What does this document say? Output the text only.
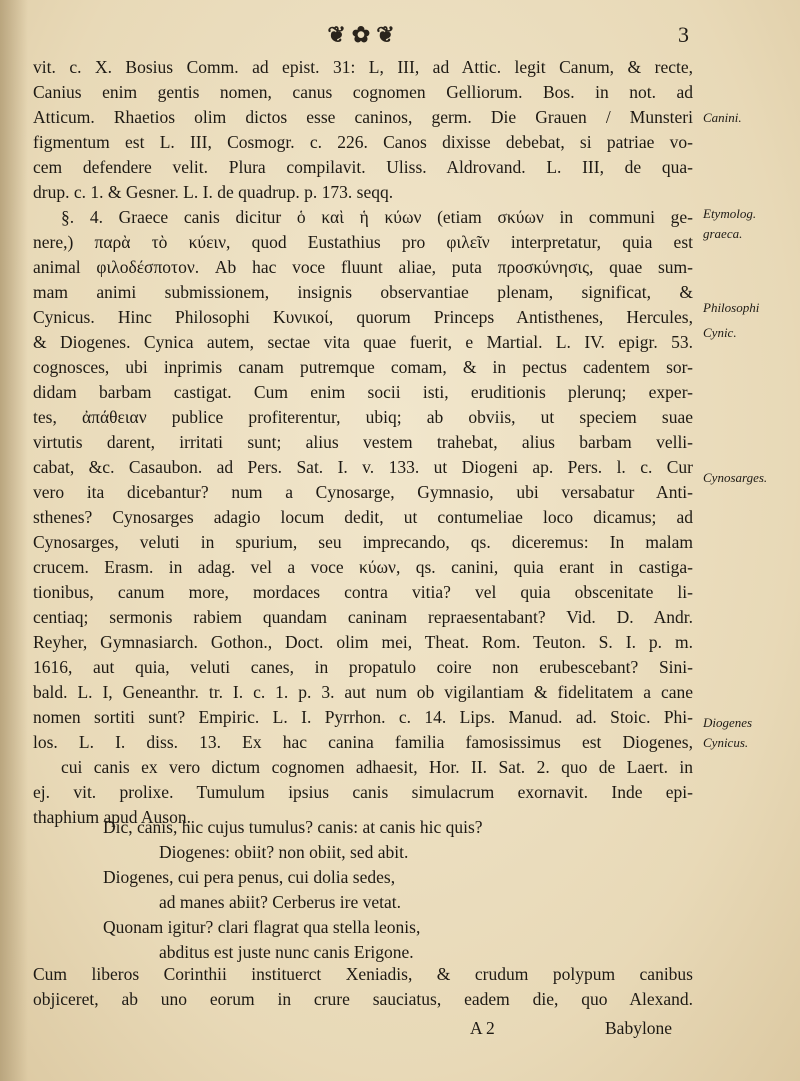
❦✿❦	3
vit. c. X. Bosius Comm. ad epist. 31: L, III, ad Attic. legit Canum, & recte,
Canius enim gentis nomen, canus cognomen Gelliorum. Bos. in not. ad
Atticum. Rhaetios olim dictos esse caninos, germ. Die Grauen / Munsteri
figmentum est L. III, Cosmogr. c. 226. Canos dixisse debebat, si patriae vo-
cem defendere velit. Plura compilavit. Uliss. Aldrovand. L. III, de qua-
drup. c. 1. & Gesner. L. I. de quadrup. p. 173. seqq.
§. 4. Graece canis dicitur ὁ καὶ ἡ κύων (etiam σκύων in communi ge-
nere,) παρὰ τὸ κύειν, quod Eustathius pro φιλεῖν interpretatur, quia est
animal φιλοδέσποτον. Ab hac voce fluunt aliae, puta προσκύνησις, quae sum-
mam animi submissionem, insignis observantiae plenam, significat, &
Cynicus. Hinc Philosophi Κυνικοί, quorum Princeps Antisthenes, Hercules,
& Diogenes. Cynica autem, sectae vita quae fuerit, e Martial. L. IV. epigr. 53.
cognosces, ubi inprimis canam putremque comam, & in pectus cadentem sor-
didam barbam castigat. Cum enim socii isti, eruditionis plerunq; exper-
tes, ἀπάθειαν publice profiterentur, ubiq; ab obviis, ut speciem suae
virtutis darent, irritati sunt; alius vestem trahebat, alius barbam velli-
cabat, &c. Casaubon. ad Pers. Sat. I. v. 133. ut Diogeni ap. Pers. l. c. Cur
vero ita dicebantur? num a Cynosarge, Gymnasio, ubi versabatur Anti-
sthenes? Cynosarges adagio locum dedit, ut contumeliae loco dicamus; ad
Cynosarges, veluti in spurium, seu imprecando, qs. diceremus: In malam
crucem. Erasm. in adag. vel a voce κύων, qs. canini, quia erant in castiga-
tionibus, canum more, mordaces contra vitia? vel quia obscenitate li-
centiaq; sermonis rabiem quandam caninam repraesentabant? Vid. D. Andr.
Reyher, Gymnasiarch. Gothon., Doct. olim mei, Theat. Rom. Teuton. S. I. p. m.
1616, aut quia, veluti canes, in propatulo coire non erubescebant? Sini-
bald. L. I, Geneanthr. tr. I. c. 1. p. 3. aut num ob vigilantiam & fidelitatem a cane
nomen sortiti sunt? Empiric. L. I. Pyrrhon. c. 14. Lips. Manud. ad. Stoic. Phi-
los. L. I. diss. 13. Ex hac canina familia famosissimus est Diogenes,
cui canis ex vero dictum cognomen adhaesit, Hor. II. Sat. 2. quo de Laert. in
ej. vit. prolixe. Tumulum ipsius canis simulacrum exornavit. Inde epi-
thaphium apud Auson.
Dic, canis, hic cujus tumulus? canis: at canis hic quis?
Diogenes: obiit? non obiit, sed abit.
Diogenes, cui pera penus, cui dolia sedes,
ad manes abiit? Cerberus ire vetat.
Quonam igitur? clari flagrat qua stella leonis,
abditus est juste nunc canis Erigone.
Cum liberos Corinthii instituerct Xeniadis, & crudum polypum canibus
objiceret, ab uno eorum in crure sauciatus, eadem die, quo Alexand.
A 2	Babylone
Canini.
Etymolog.
graeca.
Philosophi
Cynic.
Cynosarges.
Diogenes
Cynicus.
